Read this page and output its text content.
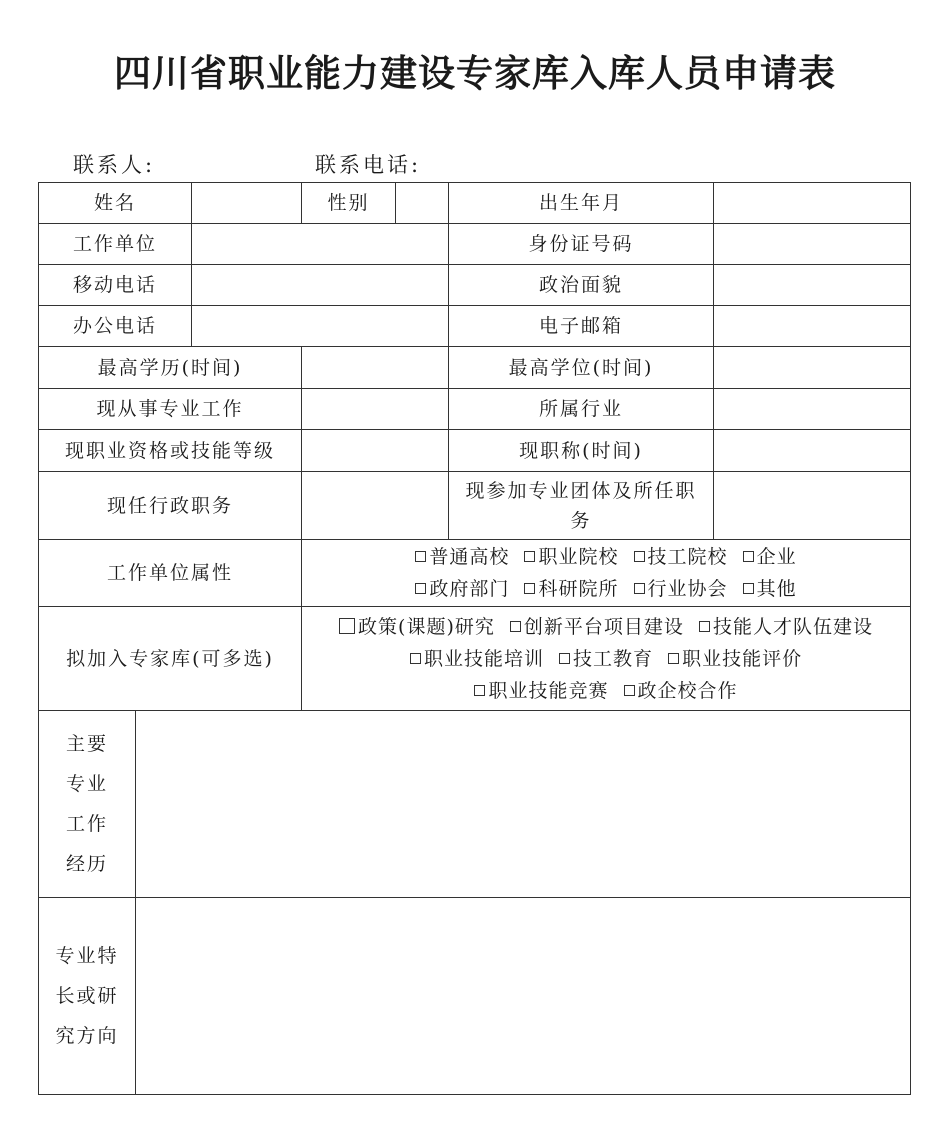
四川省职业能力建设专家库入库人员申请表
联系人:	联系电话:
姓名			性别		出生年月	
工作单位					身份证号码	
移动电话					政治面貌	
办公电话					电子邮箱	
最高学历(时间)					最高学位(时间)	
现从事专业工作					所属行业	
现职业资格或技能等级					现职称(时间)	
现任行政职务					现参加专业团体及所任职
务	

工作单位属性			普通高校 职业院校 技工院校 企业
政府部门 科研院所 行业协会 其他			

拟加入专家库(可多选)			政策(课题)研究 创新平台项目建设 技能人才队伍建设
职业技能培训 技工教育 职业技能评价
职业技能竞赛 政企校合作			

主要 专业 工作 经历						
专业特 长或研 究方向						
